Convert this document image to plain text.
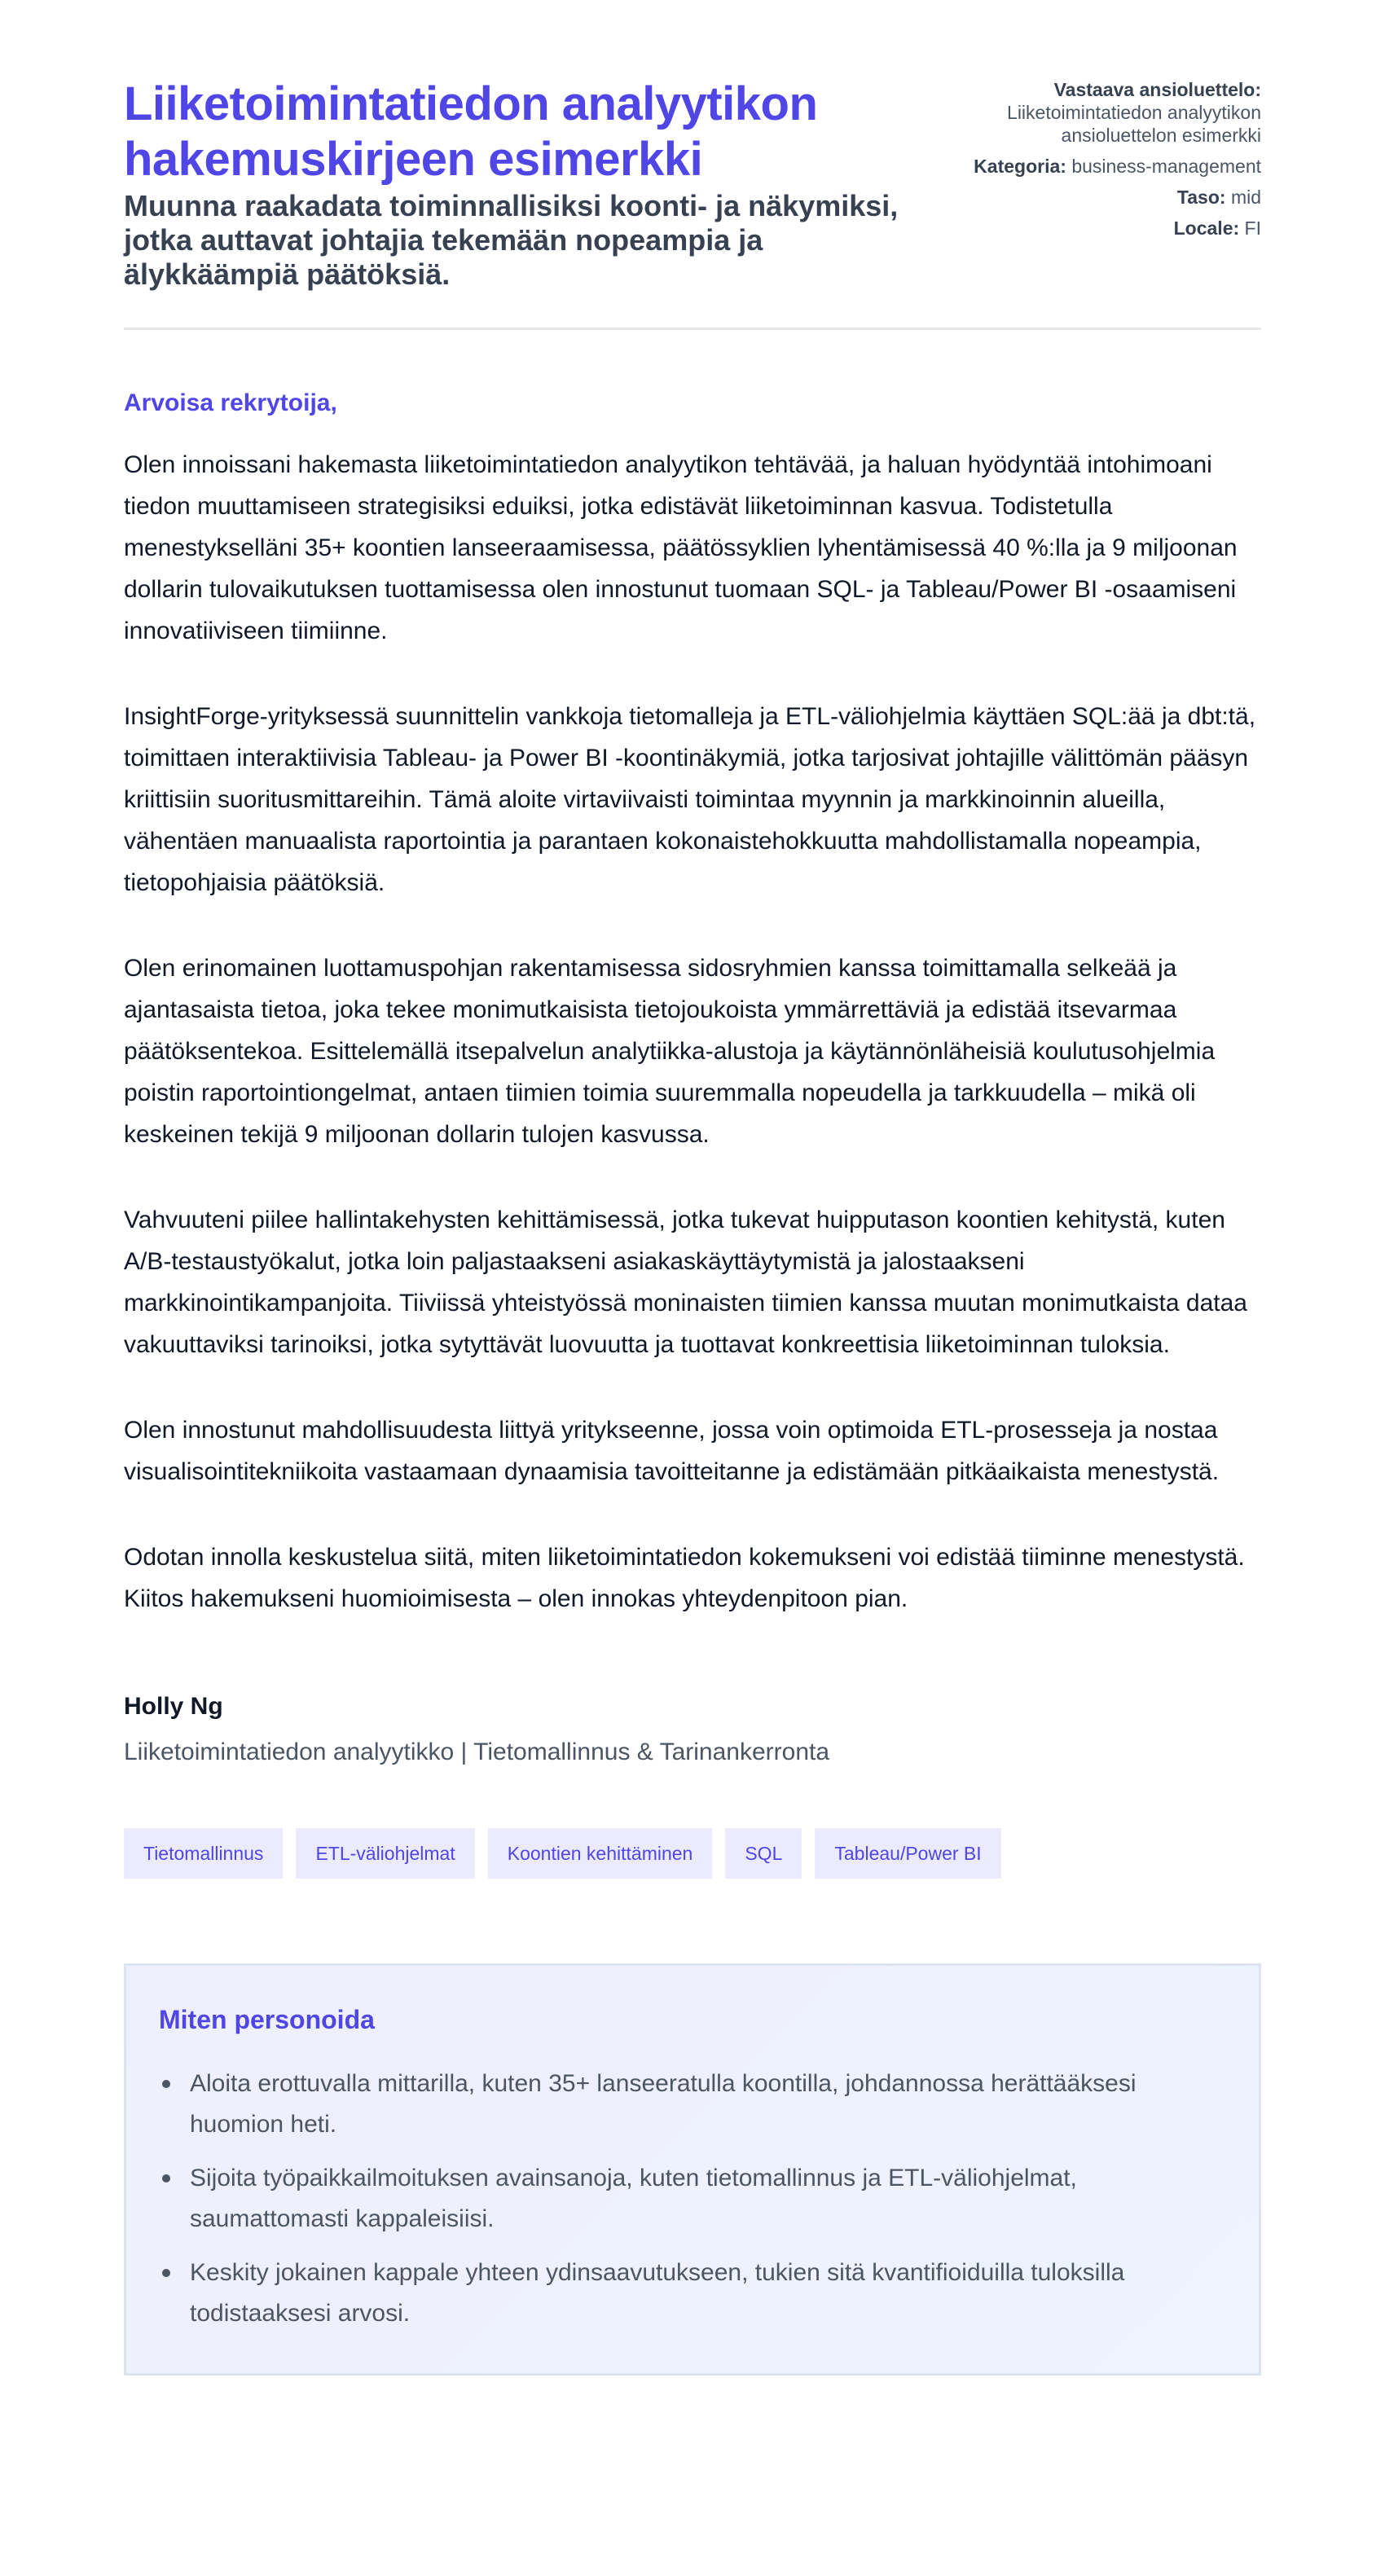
Liiketoimintatiedon analyytikon hakemuskirjeen esimerkki
Muunna raakadata toiminnallisiksi koonti- ja näkymiksi, jotka auttavat johtajia tekemään nopeampia ja älykkäämpiä päätöksiä.
Vastaava ansioluettelo:
Liiketoimintatiedon analyytikon ansioluettelon esimerkki
Kategoria: business-management
Taso: mid
Locale: FI

Arvoisa rekrytoija,

Olen innoissani hakemasta liiketoimintatiedon analyytikon tehtävää, ja haluan hyödyntää intohimoani tiedon muuttamiseen strategisiksi eduiksi, jotka edistävät liiketoiminnan kasvua. Todistetulla menestykselläni 35+ koontien lanseeraamisessa, päätössyklien lyhentämisessä 40 %:lla ja 9 miljoonan dollarin tulovaikutuksen tuottamisessa olen innostunut tuomaan SQL- ja Tableau/Power BI -osaamiseni innovatiiviseen tiimiinne.

InsightForge-yrityksessä suunnittelin vankkoja tietomalleja ja ETL-väliohjelmia käyttäen SQL:ää ja dbt:tä, toimittaen interaktiivisia Tableau- ja Power BI -koontinäkymiä, jotka tarjosivat johtajille välittömän pääsyn kriittisiin suoritusmittareihin. Tämä aloite virtaviivaisti toimintaa myynnin ja markkinoinnin alueilla, vähentäen manuaalista raportointia ja parantaen kokonaistehokkuutta mahdollistamalla nopeampia, tietopohjaisia päätöksiä.

Olen erinomainen luottamuspohjan rakentamisessa sidosryhmien kanssa toimittamalla selkeää ja ajantasaista tietoa, joka tekee monimutkaisista tietojoukoista ymmärrettäviä ja edistää itsevarmaa päätöksentekoa. Esittelemällä itsepalvelun analytiikka-alustoja ja käytännönläheisiä koulutusohjelmia poistin raportointiongelmat, antaen tiimien toimia suuremmalla nopeudella ja tarkkuudella – mikä oli keskeinen tekijä 9 miljoonan dollarin tulojen kasvussa.

Vahvuuteni piilee hallintakehysten kehittämisessä, jotka tukevat huipputason koontien kehitystä, kuten A/B-testaustyökalut, jotka loin paljastaakseni asiakaskäyttäytymistä ja jalostaakseni markkinointikampanjoita. Tiiviissä yhteistyössä moninaisten tiimien kanssa muutan monimutkaista dataa vakuuttaviksi tarinoiksi, jotka sytyttävät luovuutta ja tuottavat konkreettisia liiketoiminnan tuloksia.

Olen innostunut mahdollisuudesta liittyä yritykseenne, jossa voin optimoida ETL-prosesseja ja nostaa visualisointitekniikoita vastaamaan dynaamisia tavoitteitanne ja edistämään pitkäaikaista menestystä.

Odotan innolla keskustelua siitä, miten liiketoimintatiedon kokemukseni voi edistää tiiminne menestystä. Kiitos hakemukseni huomioimisesta – olen innokas yhteydenpitoon pian.

Holly Ng
Liiketoimintatiedon analyytikko | Tietomallinnus & Tarinankerronta
Tietomallinnus	ETL-väliohjelmat	Koontien kehittäminen	SQL	Tableau/Power BI
Miten personoida
Aloita erottuvalla mittarilla, kuten 35+ lanseeratulla koontilla, johdannossa herättääksesi huomion heti.
Sijoita työpaikkailmoituksen avainsanoja, kuten tietomallinnus ja ETL-väliohjelmat, saumattomasti kappaleisiisi.
Keskity jokainen kappale yhteen ydinsaavutukseen, tukien sitä kvantifioiduilla tuloksilla todistaaksesi arvosi.
